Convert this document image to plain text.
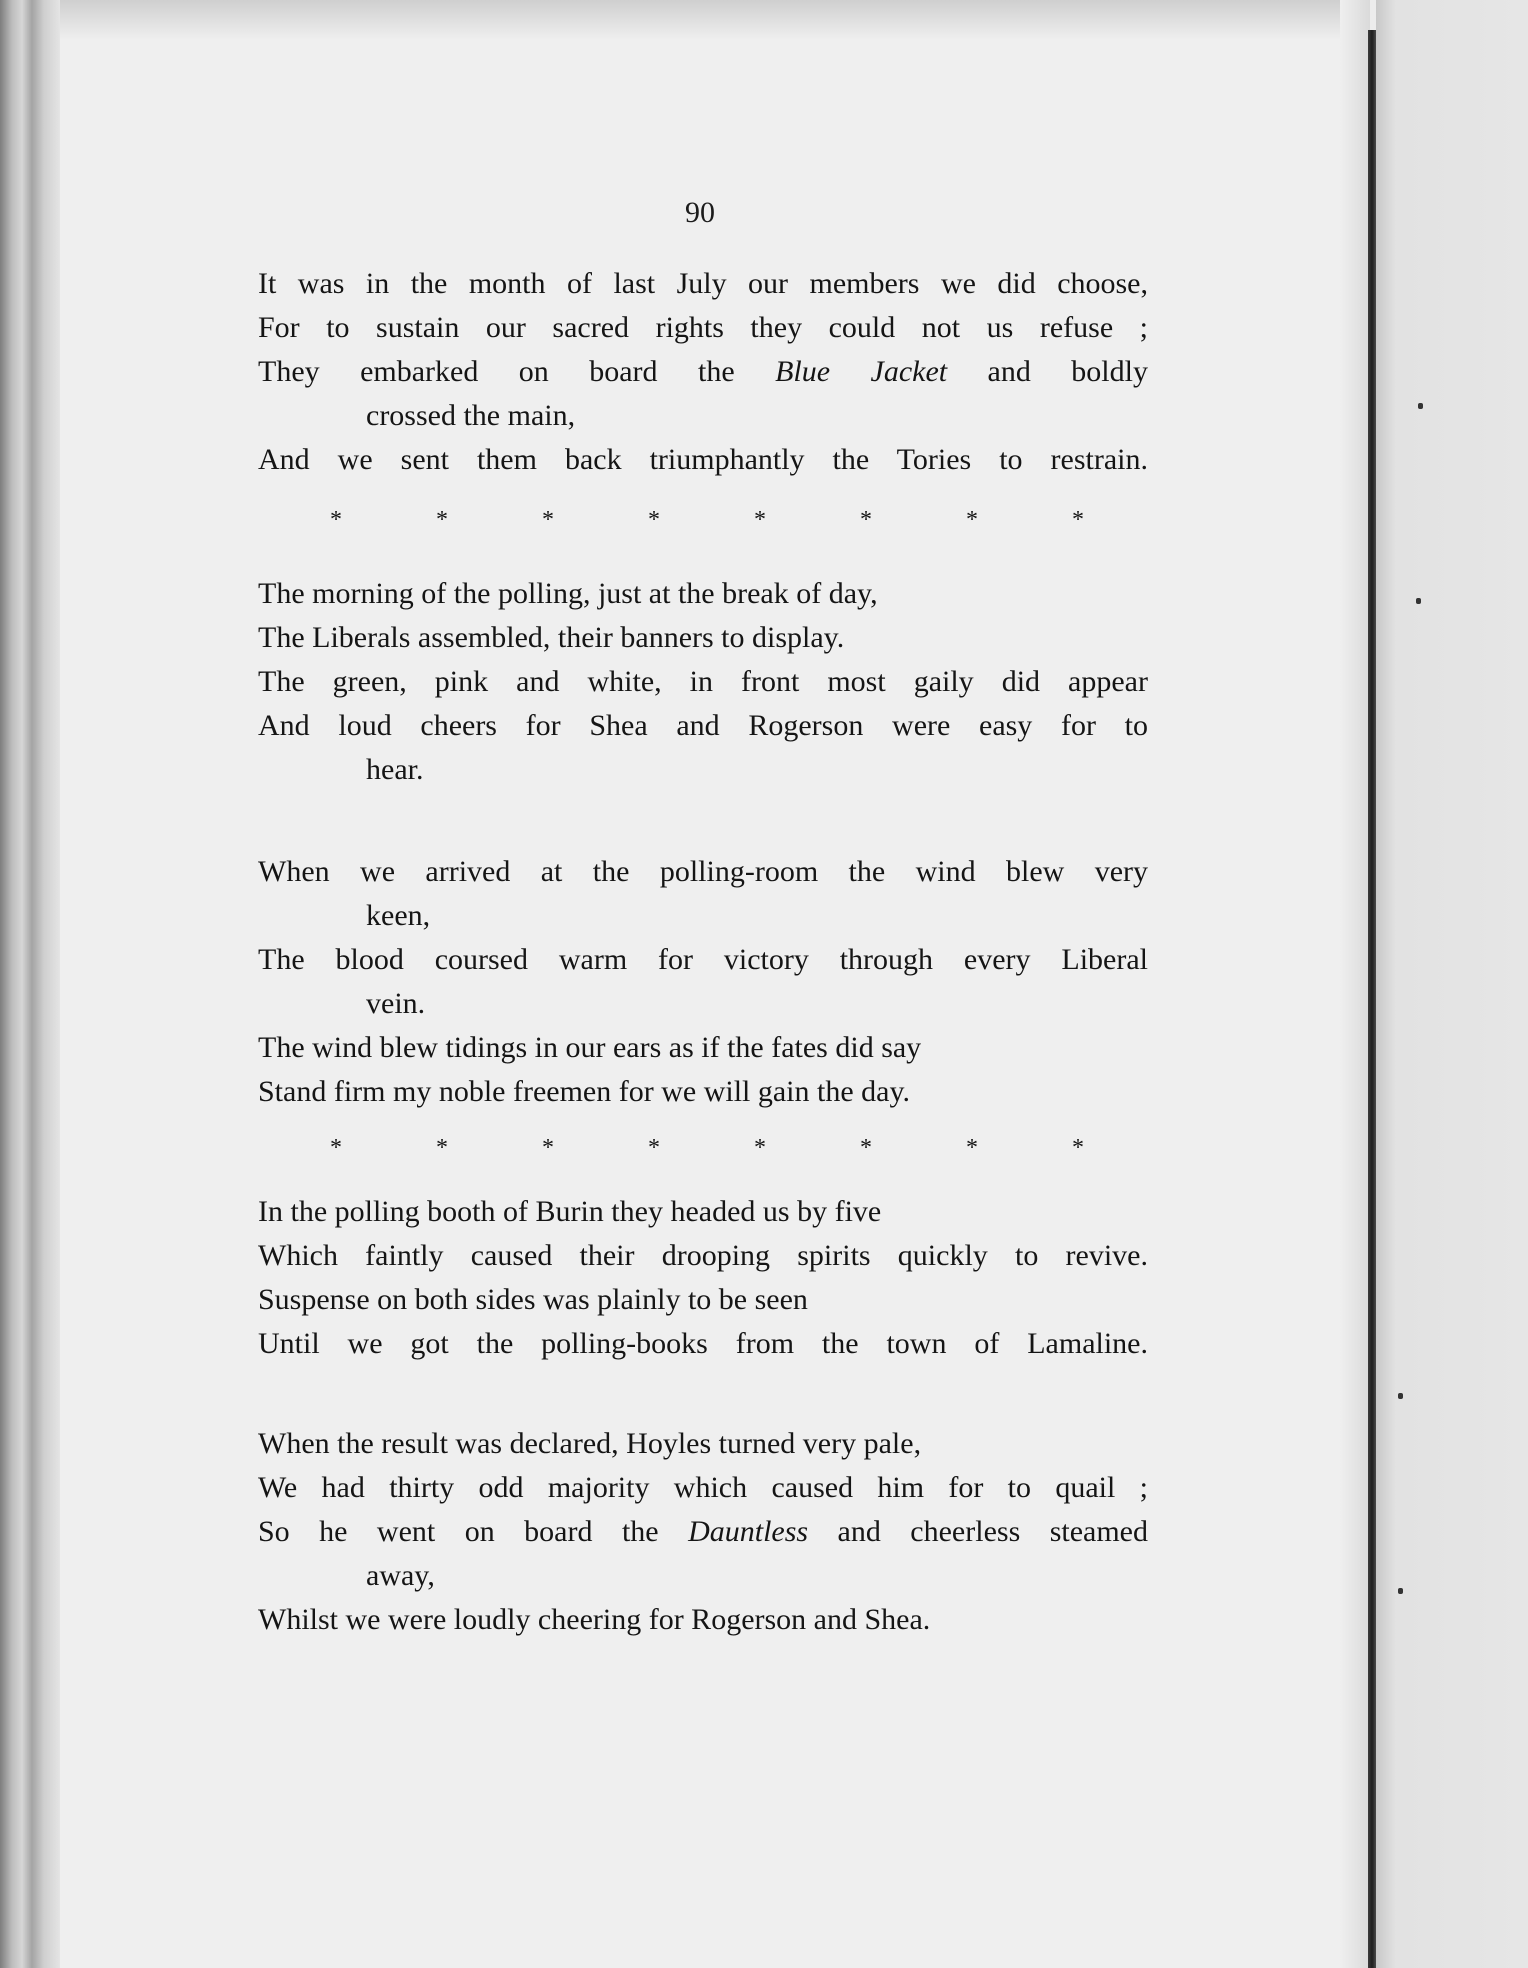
90
It was in the month of last July our members we did choose,
For to sustain our sacred rights they could not us refuse ;
They embarked on board the Blue Jacket and boldly
crossed the main,
And we sent them back triumphantly the Tories to restrain.
*	*	*	*	*	*	*	*
The morning of the polling, just at the break of day,
The Liberals assembled, their banners to display.
The green, pink and white, in front most gaily did appear
And loud cheers for Shea and Rogerson were easy for to
hear.
When we arrived at the polling-room the wind blew very
keen,
The blood coursed warm for victory through every Liberal
vein.
The wind blew tidings in our ears as if the fates did say
Stand firm my noble freemen for we will gain the day.
*	*	*	*	*	*	*	*
In the polling booth of Burin they headed us by five
Which faintly caused their drooping spirits quickly to revive.
Suspense on both sides was plainly to be seen
Until we got the polling-books from the town of Lamaline.
When the result was declared, Hoyles turned very pale,
We had thirty odd majority which caused him for to quail ;
So he went on board the Dauntless and cheerless steamed
away,
Whilst we were loudly cheering for Rogerson and Shea.
